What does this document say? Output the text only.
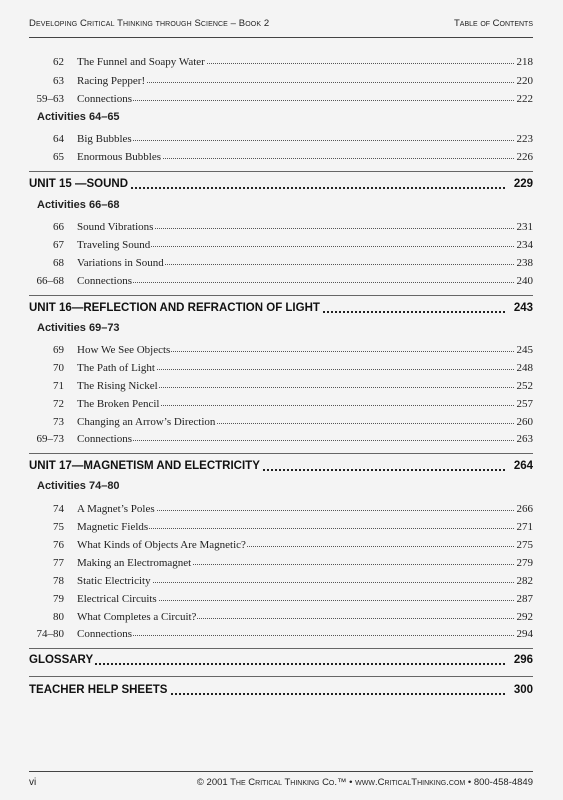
Developing Critical Thinking through Science – Book 2	Table of Contents
62 The Funnel and Soapy Water	218
63 Racing Pepper!	220
59–63 Connections	222
Activities 64–65
64 Big Bubbles	223
65 Enormous Bubbles	226
UNIT 15 —SOUND	229
Activities 66–68
66 Sound Vibrations	231
67 Traveling Sound	234
68 Variations in Sound	238
66–68 Connections	240
UNIT 16—REFLECTION AND REFRACTION OF LIGHT	243
Activities 69–73
69 How We See Objects	245
70 The Path of Light	248
71 The Rising Nickel	252
72 The Broken Pencil	257
73 Changing an Arrow’s Direction	260
69–73 Connections	263
UNIT 17—MAGNETISM AND ELECTRICITY	264
Activities 74–80
74 A Magnet’s Poles	266
75 Magnetic Fields	271
76 What Kinds of Objects Are Magnetic?	275
77 Making an Electromagnet	279
78 Static Electricity	282
79 Electrical Circuits	287
80 What Completes a Circuit?	292
74–80 Connections	294
GLOSSARY	296
TEACHER HELP SHEETS	300
vi	© 2001 The Critical Thinking Co.™ • www.CriticalThinking.com • 800-458-4849
